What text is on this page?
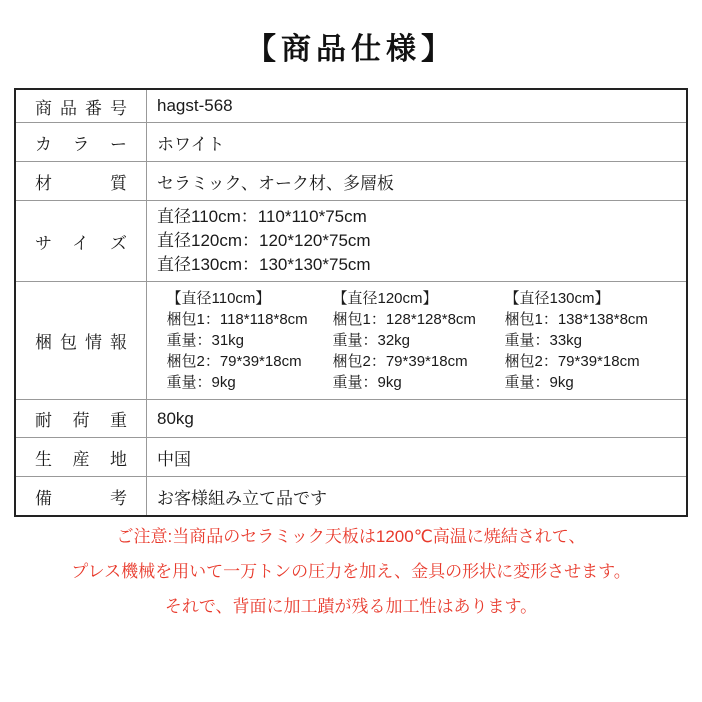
【商品仕様】
商品番号 hagst-568
カラー ホワイト
材質 セラミック、オーク材、多層板
サイズ
直径110cm：110*110*75cm
直径120cm：120*120*75cm
直径130cm：130*130*75cm
梱包情報
【直径110cm】
梱包1：118*118*8cm
重量：31kg
梱包2：79*39*18cm
重量：9kg
【直径120cm】
梱包1：128*128*8cm
重量：32kg
梱包2：79*39*18cm
重量：9kg
【直径130cm】
梱包1：138*138*8cm
重量：33kg
梱包2：79*39*18cm
重量：9kg
耐荷重 80kg
生産地 中国
備考 お客様組み立て品です

ご注意:当商品のセラミック天板は1200℃高温に焼結されて、

プレス機械を用いて一万トンの圧力を加え、金具の形状に変形させます。

それで、背面に加工蹟が残る加工性はあります。
